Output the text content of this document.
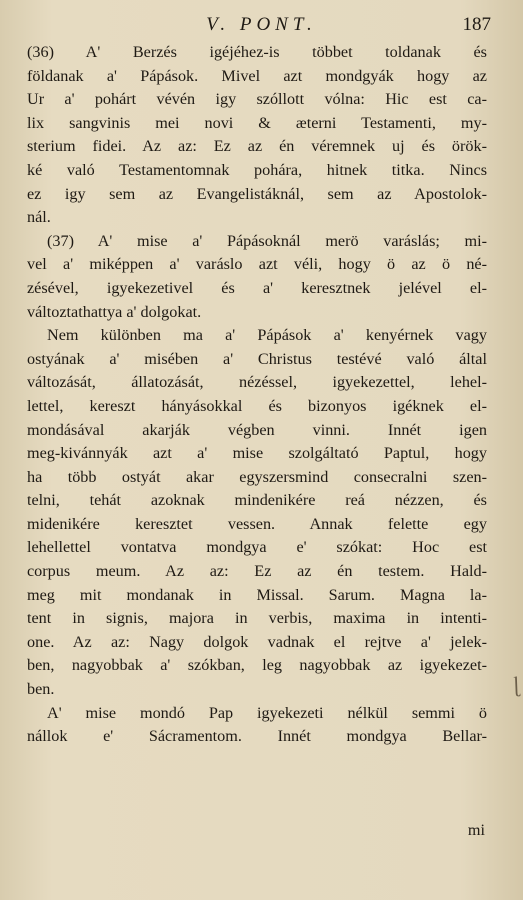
V. PONT.	187
(36) A' Berzés igéjéhez-is többet toldanak és
földanak a' Pápások. Mivel azt mondgyák hogy az
Ur a' pohárt vévén igy szóllott vólna: Hic est ca-
lix sangvinis mei novi & æterni Testamenti, my-
sterium fidei. Az az: Ez az én véremnek uj és örök-
ké való Testamentomnak pohára, hitnek titka. Nincs
ez igy sem az Evangelistáknál, sem az Apostolok-
nál.
(37) A' mise a' Pápásoknál merö varáslás; mi-
vel a' miképpen a' varáslo azt véli, hogy ö az ö né-
zésével, igyekezetivel és a' keresztnek jelével el-
változtathattya a' dolgokat.
Nem különben ma a' Pápások a' kenyérnek vagy
ostyának a' misében a' Christus testévé való által
változását, állatozását, nézéssel, igyekezettel, lehel-
lettel, kereszt hányásokkal és bizonyos igéknek el-
mondásával akarják végben vinni. Innét igen
meg-kivánnyák azt a' mise szolgáltató Paptul, hogy
ha több ostyát akar egyszersmind consecralni szen-
telni, tehát azoknak mindenikére reá nézzen, és
midenikére keresztet vessen. Annak felette egy
lehellettel vontatva mondgya e' szókat: Hoc est
corpus meum. Az az: Ez az én testem. Hald-
meg mit mondanak in Missal. Sarum. Magna la-
tent in signis, majora in verbis, maxima in intenti-
one. Az az: Nagy dolgok vadnak el rejtve a' jelek-
ben, nagyobbak a' szókban, leg nagyobbak az igyekezet-
ben.
A' mise mondó Pap igyekezeti nélkül semmi ö
nállok e' Sácramentom. Innét mondgya Bellar-
mi
ɭ
